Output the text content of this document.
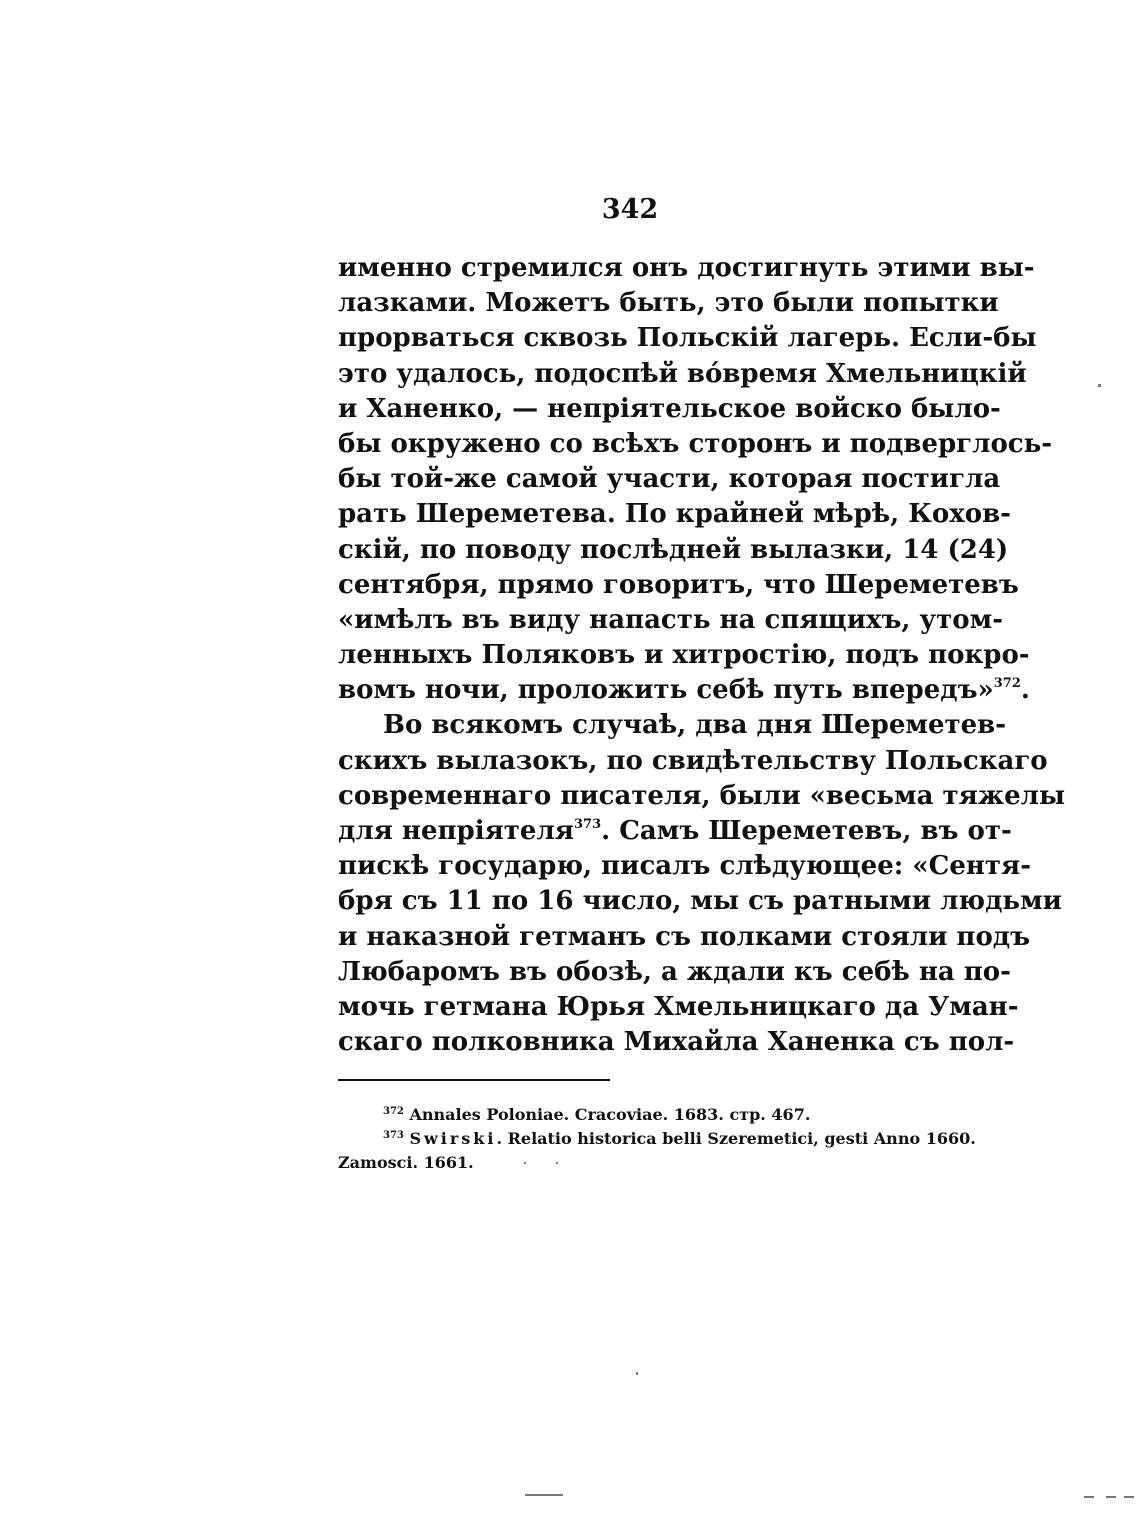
342
именно стремился онъ достигнуть этими вы-
лазками. Можетъ быть, это были попытки
прорваться сквозь Польскій лагерь. Если-бы
это удалось, подоспѣй во́время Хмельницкій
и Ханенко, — непріятельское войско было-
бы окружено со всѣхъ сторонъ и подверглось-
бы той-же самой участи, которая постигла
рать Шереметева. По крайней мѣрѣ, Коxов-
скій, по поводу послѣдней вылазки, 14 (24)
сентября, прямо говоритъ, что Шереметевъ
«имѣлъ въ виду напасть на спящихъ, утом-
ленныхъ Поляковъ и хитростію, подъ покро-
вомъ ночи, проложить себѣ путь впередъ»$^{372}$.
Во всякомъ случаѣ, два дня Шереметев-
скихъ вылазокъ, по свидѣтельству Польскаго
современнаго писателя, были «весьма тяжелы
для непріятеля$^{373}$. Самъ Шереметевъ, въ от-
пискѣ государю, писалъ слѣдующее: «Сентя-
бря съ 11 по 16 число, мы съ ратными людьми
и наказной гетманъ съ полками стояли подъ
Любаромъ въ обозѣ, а ждали къ себѣ на по-
мочь гетмана Юрья Хмельницкаго да Уман-
скаго полковника Михайла Ханенка съ пол-
$^{372}$ Annales Poloniae. Cracoviae. 1683. стр. 467.
$^{373}$ Swirski. Relatio historica belli Szeremetici, gesti Anno 1660.
Zamosci. 1661.
